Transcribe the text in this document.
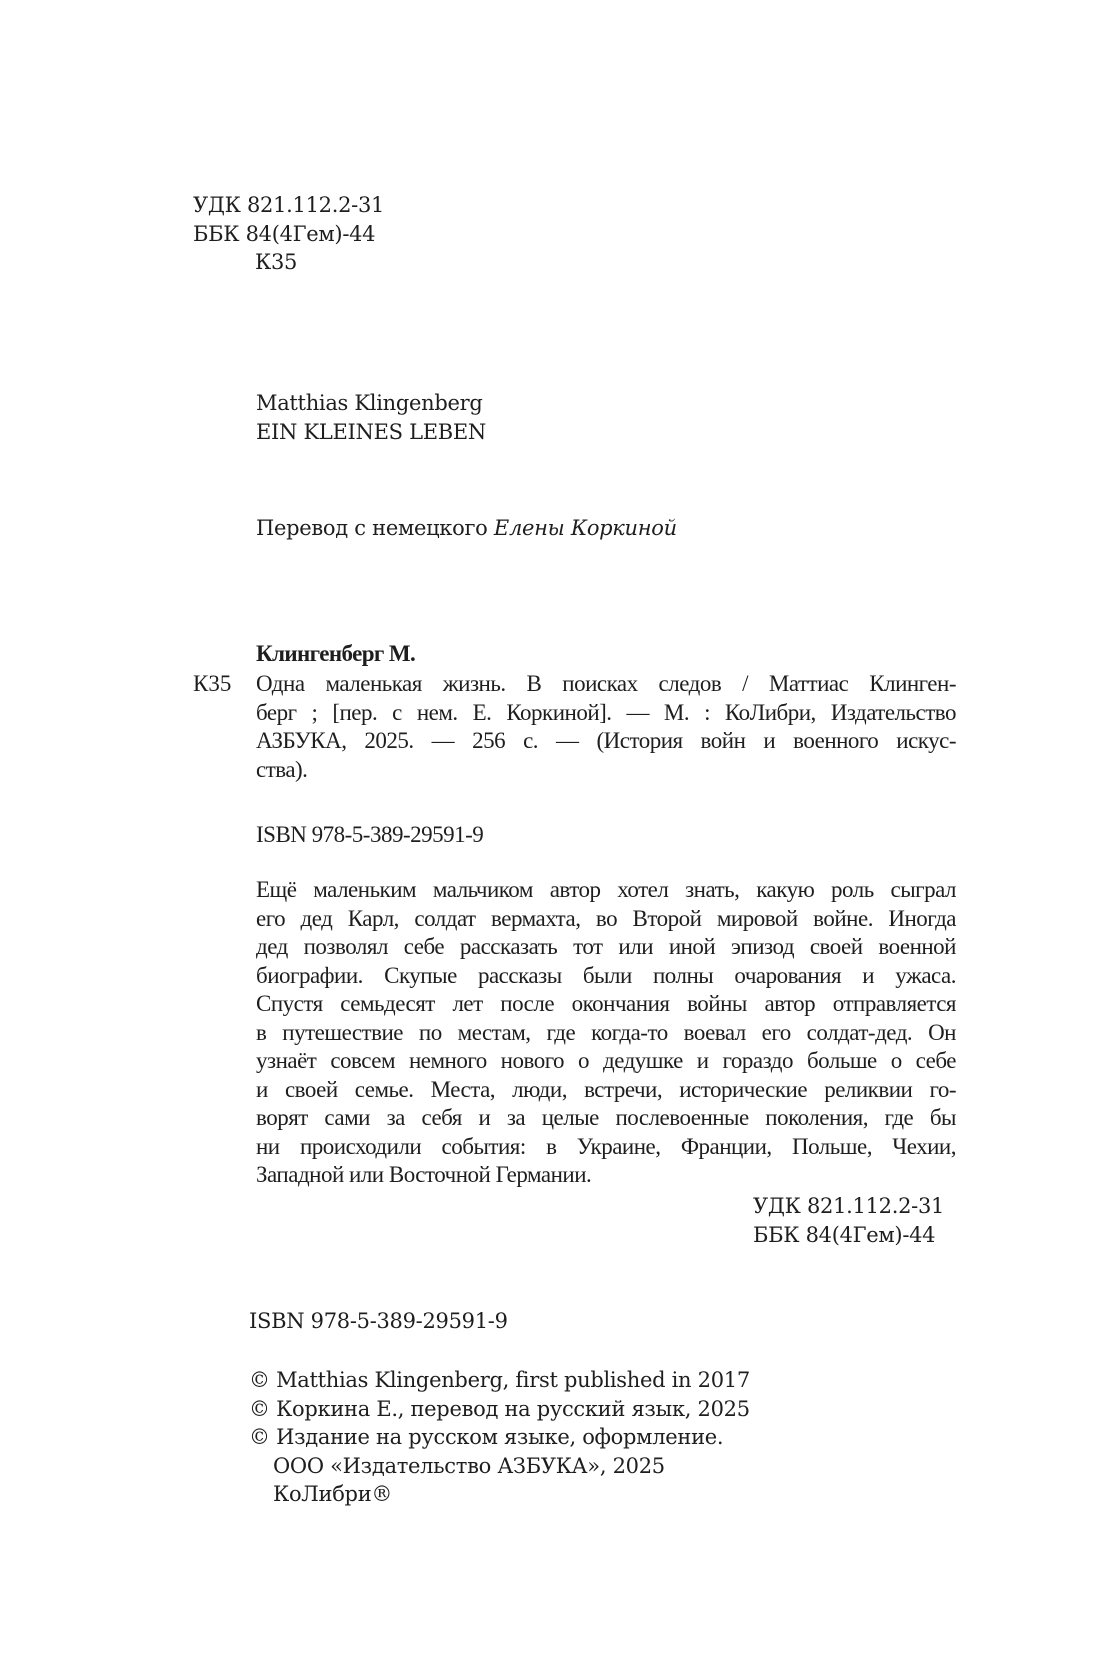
УДК 821.112.2-31
ББК 84(4Гем)-44
К35
Matthias Klingenberg
EIN KLEINES LEBEN
Перевод с немецкого Елены Коркиной
Клингенберг М.
К35 Одна маленькая жизнь. В поисках следов / Маттиас Клинген-
берг ; [пер. с нем. Е. Коркиной]. — М. : КоЛибри, Издательство
АЗБУКА, 2025. — 256 с. — (История войн и военного искус-
ства).
ISBN 978-5-389-29591-9
Ещё маленьким мальчиком автор хотел знать, какую роль сыграл
его дед Карл, солдат вермахта, во Второй мировой войне. Иногда
дед позволял себе рассказать тот или иной эпизод своей военной
биографии. Скупые рассказы были полны очарования и ужаса.
Спустя семьдесят лет после окончания войны автор отправляется
в путешествие по местам, где когда-то воевал его солдат-дед. Он
узнаёт совсем немного нового о дедушке и гораздо больше о себе
и своей семье. Места, люди, встречи, исторические реликвии го-
ворят сами за себя и за целые послевоенные поколения, где бы
ни происходили события: в Украине, Франции, Польше, Чехии,
Западной или Восточной Германии.
УДК 821.112.2-31
ББК 84(4Гем)-44
ISBN 978-5-389-29591-9
© Matthias Klingenberg, first published in 2017
© Коркина Е., перевод на русский язык, 2025
© Издание на русском языке, оформление.
ООО «Издательство АЗБУКА», 2025
КоЛибри®
